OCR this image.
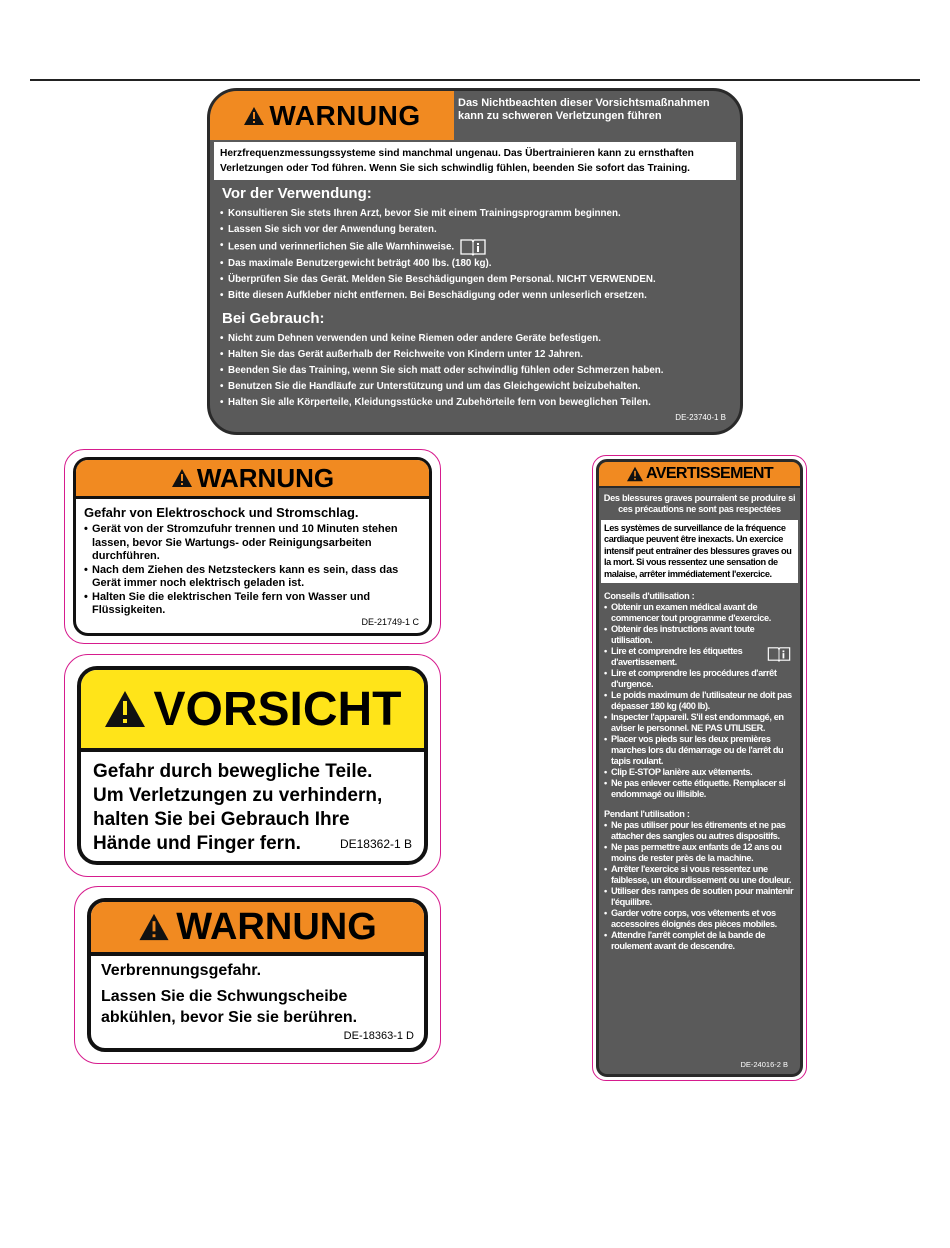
WARNUNG	Das Nichtbeachten dieser Vorsichtsmaßnahmen kann zu schweren Verletzungen führen
Herzfrequenzmessungssysteme sind manchmal ungenau. Das Übertrainieren kann zu ernsthaften Verletzungen oder Tod führen. Wenn Sie sich schwindlig fühlen, beenden Sie sofort das Training.
Vor der Verwendung:
• Konsultieren Sie stets Ihren Arzt, bevor Sie mit einem Trainingsprogramm beginnen.
• Lassen Sie sich vor der Anwendung beraten.
• Lesen und verinnerlichen Sie alle Warnhinweise.
• Das maximale Benutzergewicht beträgt 400 lbs. (180 kg).
• Überprüfen Sie das Gerät. Melden Sie Beschädigungen dem Personal. NICHT VERWENDEN.
• Bitte diesen Aufkleber nicht entfernen. Bei Beschädigung oder wenn unleserlich ersetzen.
Bei Gebrauch:
• Nicht zum Dehnen verwenden und keine Riemen oder andere Geräte befestigen.
• Halten Sie das Gerät außerhalb der Reichweite von Kindern unter 12 Jahren.
• Beenden Sie das Training, wenn Sie sich matt oder schwindlig fühlen oder Schmerzen haben.
• Benutzen Sie die Handläufe zur Unterstützung und um das Gleichgewicht beizubehalten.
• Halten Sie alle Körperteile, Kleidungsstücke und Zubehörteile fern von beweglichen Teilen.
DE-23740-1 B
WARNUNG
Gefahr von Elektroschock und Stromschlag.
• Gerät von der Stromzufuhr trennen und 10 Minuten stehen lassen, bevor Sie Wartungs- oder Reinigungsarbeiten durchführen.
• Nach dem Ziehen des Netzsteckers kann es sein, dass das Gerät immer noch elektrisch geladen ist.
• Halten Sie die elektrischen Teile fern von Wasser und Flüssigkeiten.
DE-21749-1 C
VORSICHT
Gefahr durch bewegliche Teile.
Um Verletzungen zu verhindern,
halten Sie bei Gebrauch Ihre
Hände und Finger fern.	DE18362-1 B
WARNUNG
Verbrennungsgefahr.
Lassen Sie die Schwungscheibe
abkühlen, bevor Sie sie berühren.
DE-18363-1 D
AVERTISSEMENT
Des blessures graves pourraient se produire si ces précautions ne sont pas respectées
Les systèmes de surveillance de la fréquence cardiaque peuvent être inexacts. Un exercice intensif peut entraîner des blessures graves ou la mort. Si vous ressentez une sensation de malaise, arrêter immédiatement l'exercice.
Conseils d'utilisation :
• Obtenir un examen médical avant de commencer tout programme d'exercice.
• Obtenir des instructions avant toute utilisation.
• Lire et comprendre les étiquettes d'avertissement.
• Lire et comprendre les procédures d'arrêt d'urgence.
• Le poids maximum de l'utilisateur ne doit pas dépasser 180 kg (400 lb).
• Inspecter l'appareil. S'il est endommagé, en aviser le personnel. NE PAS UTILISER.
• Placer vos pieds sur les deux premières marches lors du démarrage ou de l'arrêt du tapis roulant.
• Clip E-STOP lanière aux vêtements.
• Ne pas enlever cette étiquette. Remplacer si endommagé ou illisible.
Pendant l'utilisation :
• Ne pas utiliser pour les étirements et ne pas attacher des sangles ou autres dispositifs.
• Ne pas permettre aux enfants de 12 ans ou moins de rester près de la machine.
• Arrêter l'exercice si vous ressentez une faiblesse, un étourdissement ou une douleur.
• Utiliser des rampes de soutien pour maintenir l'équilibre.
• Garder votre corps, vos vêtements et vos accessoires éloignés des pièces mobiles.
• Attendre l'arrêt complet de la bande de roulement avant de descendre.
DE-24016-2 B
